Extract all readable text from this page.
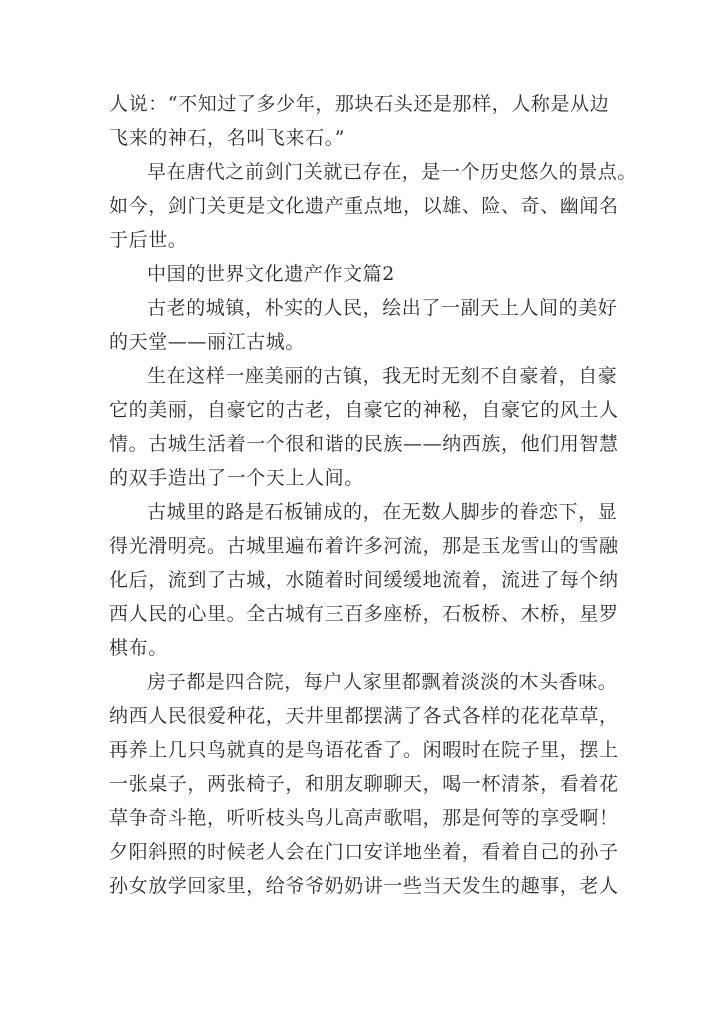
人说：“不知过了多少年，那块石头还是那样，人称是从边
飞来的神石，名叫飞来石。”
早在唐代之前剑门关就已存在，是一个历史悠久的景点。
如今，剑门关更是文化遗产重点地，以雄、险、奇、幽闻名
于后世。
中国的世界文化遗产作文篇2
古老的城镇，朴实的人民，绘出了一副天上人间的美好
的天堂——丽江古城。
生在这样一座美丽的古镇，我无时无刻不自豪着，自豪
它的美丽，自豪它的古老，自豪它的神秘，自豪它的风土人
情。古城生活着一个很和谐的民族——纳西族，他们用智慧
的双手造出了一个天上人间。
古城里的路是石板铺成的，在无数人脚步的眷恋下，显
得光滑明亮。古城里遍布着许多河流，那是玉龙雪山的雪融
化后，流到了古城，水随着时间缓缓地流着，流进了每个纳
西人民的心里。全古城有三百多座桥，石板桥、木桥，星罗
棋布。
房子都是四合院，每户人家里都飘着淡淡的木头香味。
纳西人民很爱种花，天井里都摆满了各式各样的花花草草，
再养上几只鸟就真的是鸟语花香了。闲暇时在院子里，摆上
一张桌子，两张椅子，和朋友聊聊天，喝一杯清茶，看着花
草争奇斗艳，听听枝头鸟儿高声歌唱，那是何等的享受啊！
夕阳斜照的时候老人会在门口安详地坐着，看着自己的孙子
孙女放学回家里，给爷爷奶奶讲一些当天发生的趣事，老人
